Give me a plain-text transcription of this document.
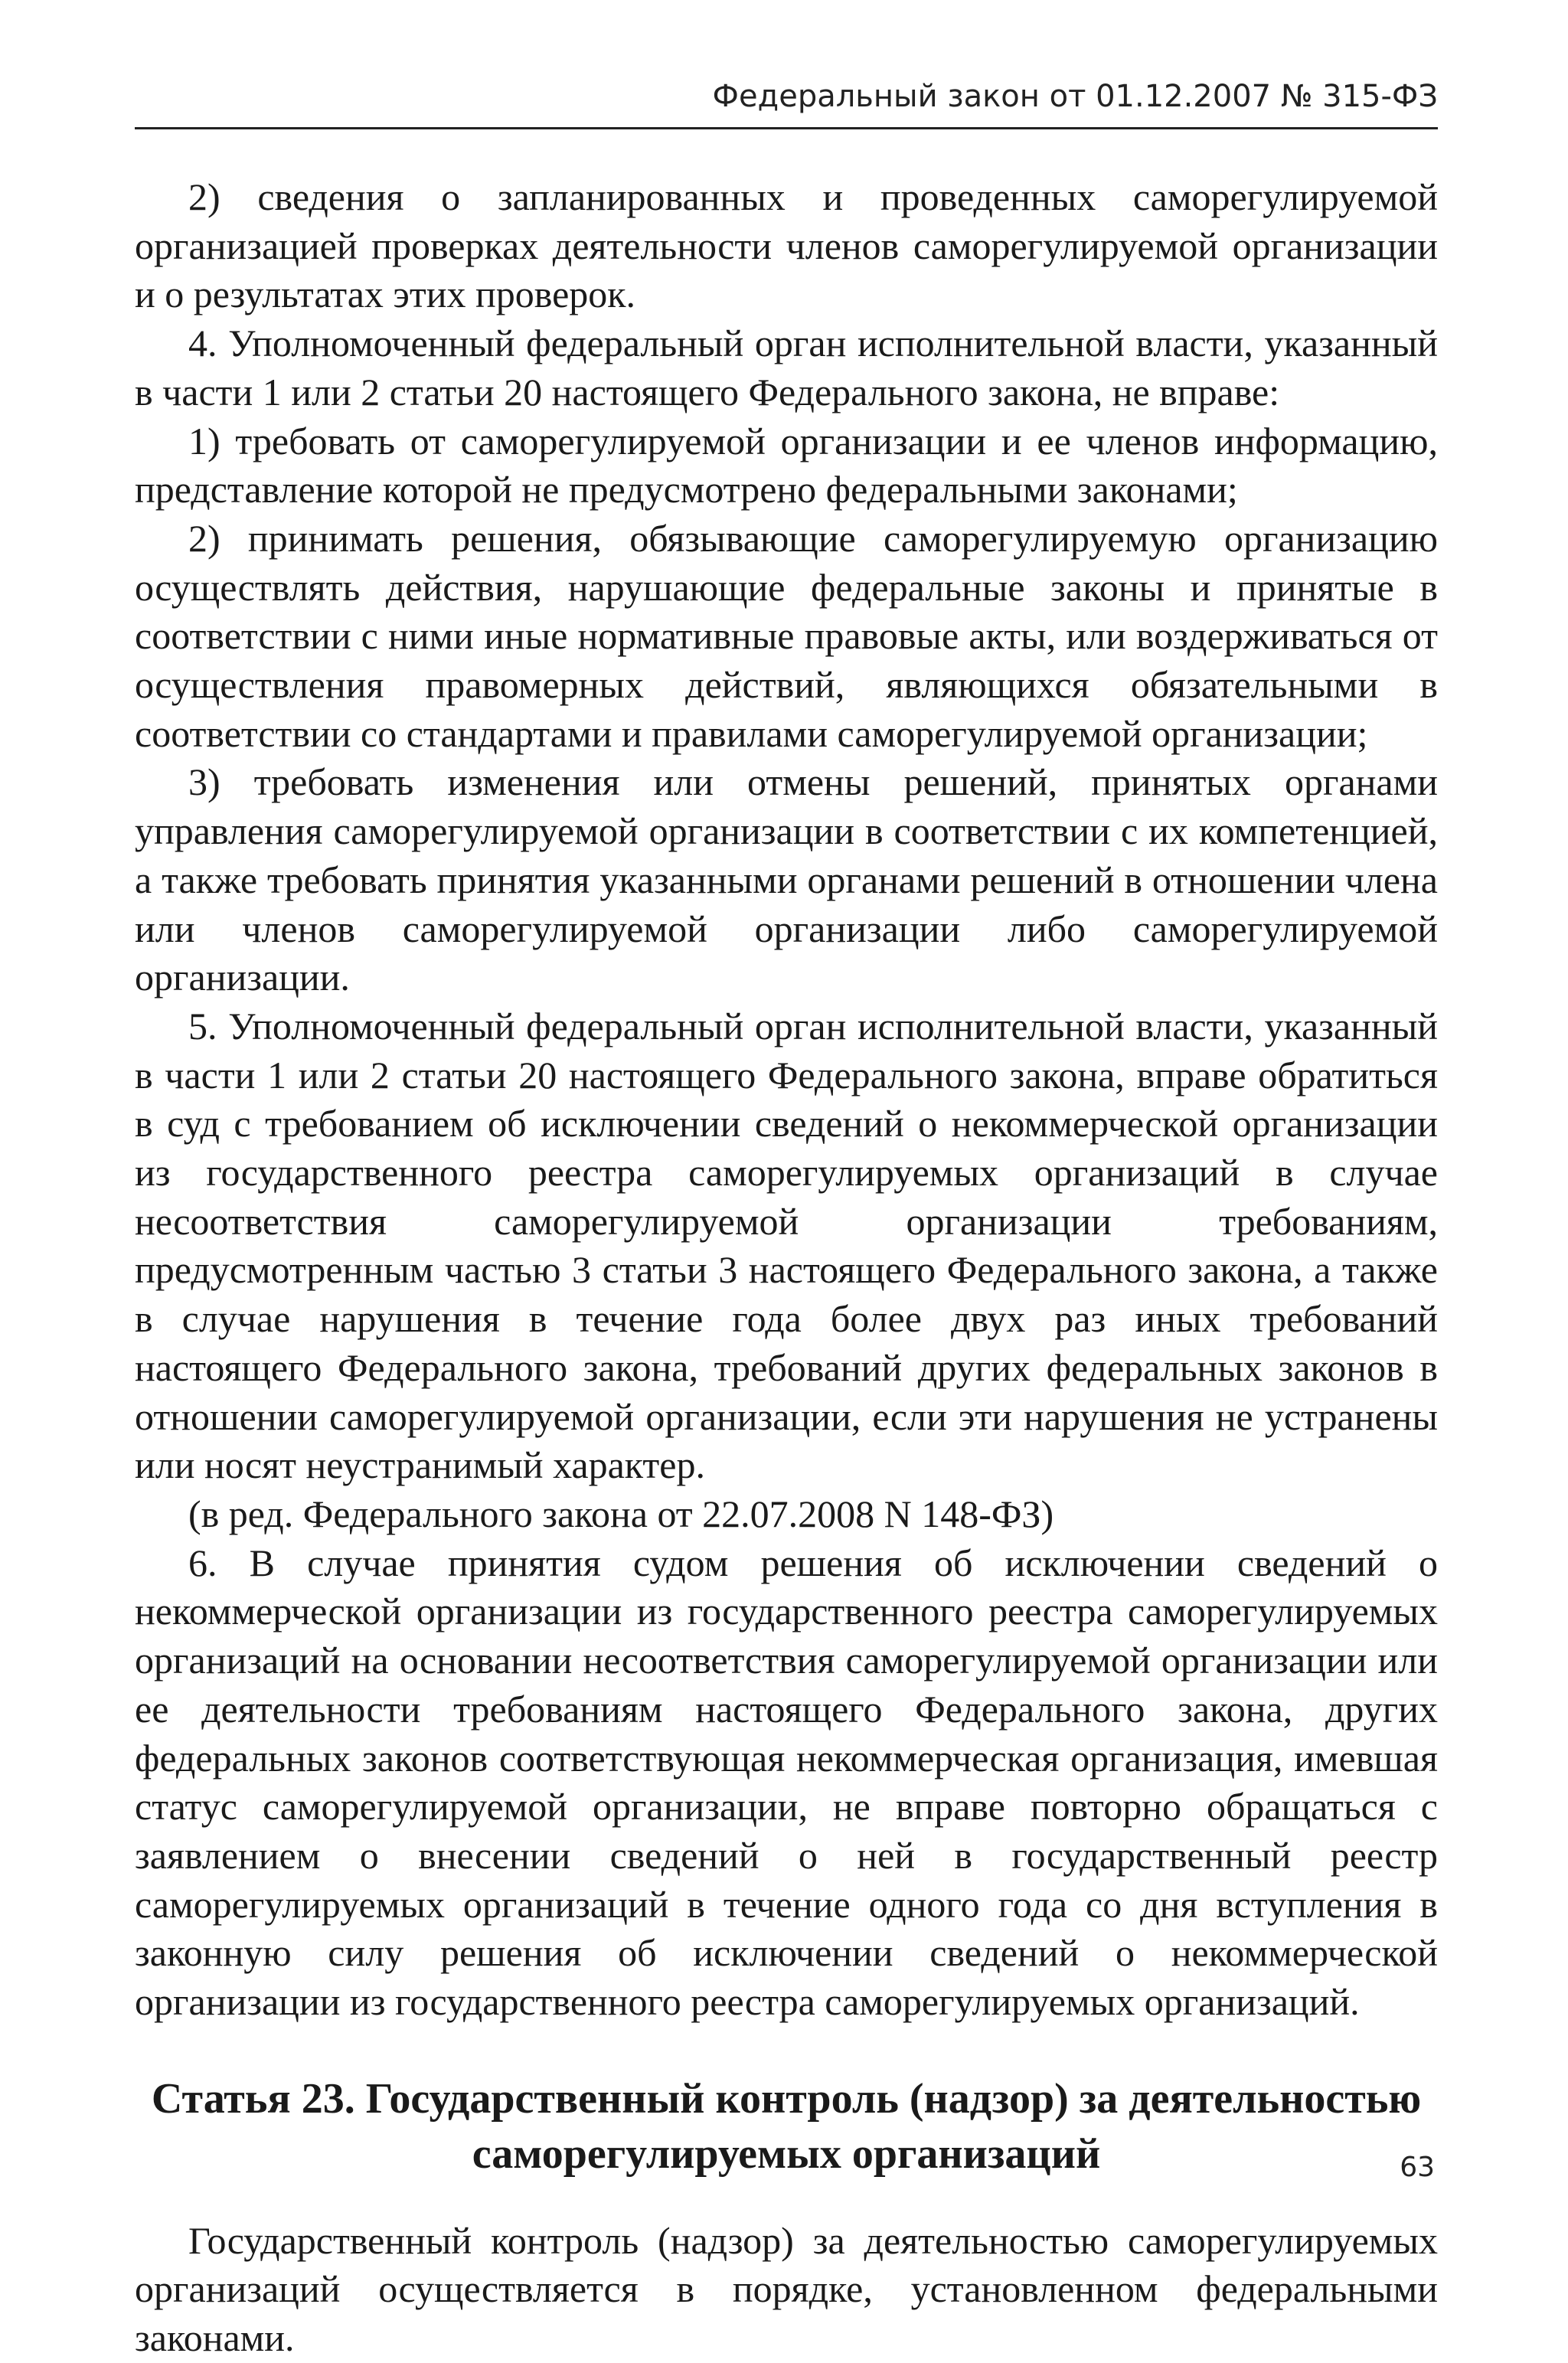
Федеральный закон от 01.12.2007 № 315-ФЗ

2) сведения о запланированных и проведенных саморегулируемой организацией проверках деятельности членов саморегулируемой организации и о результатах этих проверок.

4. Уполномоченный федеральный орган исполнительной власти, указанный в части 1 или 2 статьи 20 настоящего Федерального закона, не вправе:

1) требовать от саморегулируемой организации и ее членов информацию, представление которой не предусмотрено федеральными законами;

2) принимать решения, обязывающие саморегулируемую организацию осуществлять действия, нарушающие федеральные законы и принятые в соответствии с ними иные нормативные правовые акты, или воздерживаться от осуществления правомерных действий, являющихся обязательными в соответствии со стандартами и правилами саморегулируемой организации;

3) требовать изменения или отмены решений, принятых органами управления саморегулируемой организации в соответствии с их компетенцией, а также требовать принятия указанными органами решений в отношении члена или членов саморегулируемой организации либо саморегулируемой организации.

5. Уполномоченный федеральный орган исполнительной власти, указанный в части 1 или 2 статьи 20 настоящего Федерального закона, вправе обратиться в суд с требованием об исключении сведений о некоммерческой организации из государственного реестра саморегулируемых организаций в случае несоответствия саморегулируемой организации требованиям, предусмотренным частью 3 статьи 3 настоящего Федерального закона, а также в случае нарушения в течение года более двух раз иных требований настоящего Федерального закона, требований других федеральных законов в отношении саморегулируемой организации, если эти нарушения не устранены или носят неустранимый характер.

(в ред. Федерального закона от 22.07.2008 N 148-ФЗ)

6. В случае принятия судом решения об исключении сведений о некоммерческой организации из государственного реестра саморегулируемых организаций на основании несоответствия саморегулируемой организации или ее деятельности требованиям настоящего Федерального закона, других федеральных законов соответствующая некоммерческая организация, имевшая статус саморегулируемой организации, не вправе повторно обращаться с заявлением о внесении сведений о ней в государственный реестр саморегулируемых организаций в течение одного года со дня вступления в законную силу решения об исключении сведений о некоммерческой организации из государственного реестра саморегулируемых организаций.

Статья 23. Государственный контроль (надзор) за деятельностью
саморегулируемых организаций

Государственный контроль (надзор) за деятельностью саморегулируемых организаций осуществляется в порядке, установленном федеральными законами.

63
